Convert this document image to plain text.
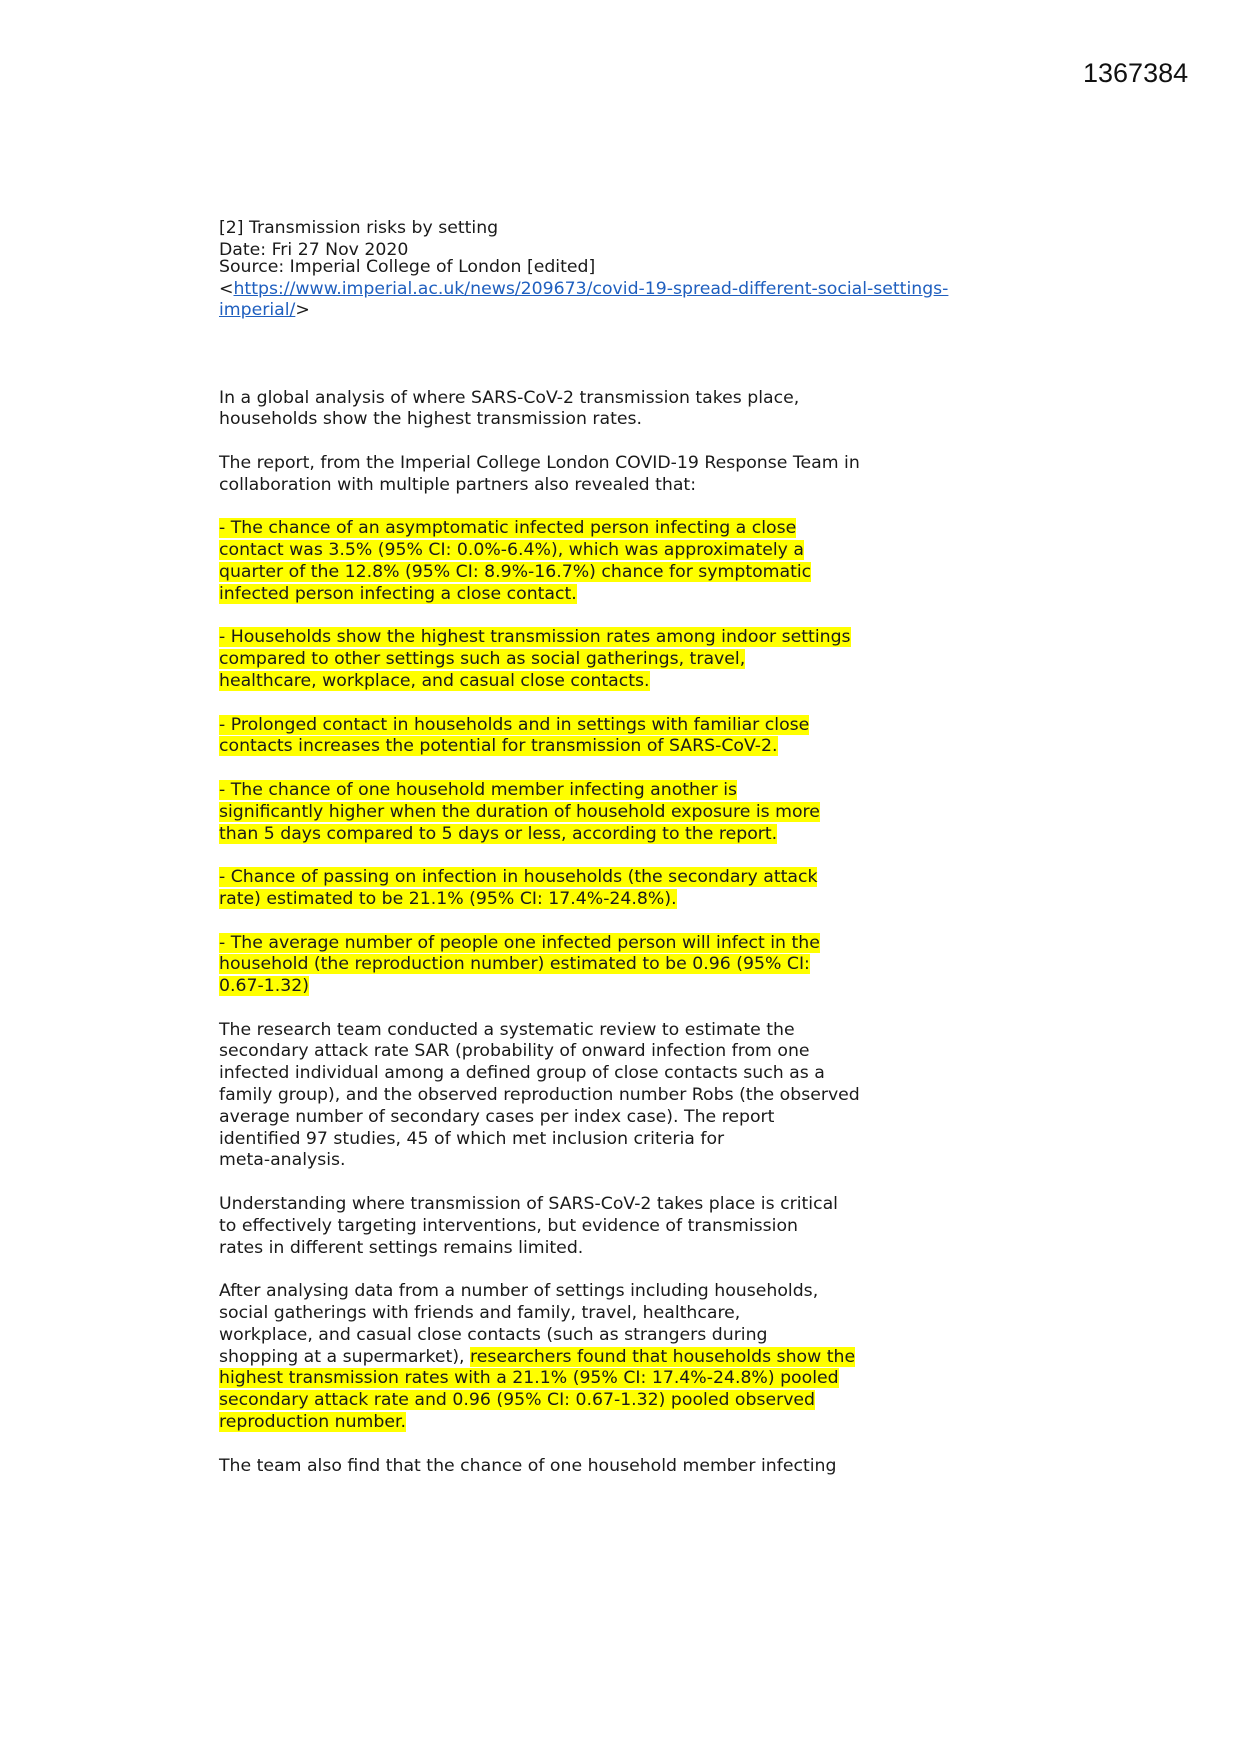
1367384
[2] Transmission risks by setting
Date: Fri 27 Nov 2020
Source: Imperial College of London [edited]
<https://www.imperial.ac.uk/news/209673/covid-19-spread-different-social-settings-
imperial/>
In a global analysis of where SARS-CoV-2 transmission takes place,
households show the highest transmission rates.
The report, from the Imperial College London COVID-19 Response Team in
collaboration with multiple partners also revealed that:
- The chance of an asymptomatic infected person infecting a close
contact was 3.5% (95% CI: 0.0%-6.4%), which was approximately a
quarter of the 12.8% (95% CI: 8.9%-16.7%) chance for symptomatic
infected person infecting a close contact.
- Households show the highest transmission rates among indoor settings
compared to other settings such as social gatherings, travel,
healthcare, workplace, and casual close contacts.
- Prolonged contact in households and in settings with familiar close
contacts increases the potential for transmission of SARS-CoV-2.
- The chance of one household member infecting another is
significantly higher when the duration of household exposure is more
than 5 days compared to 5 days or less, according to the report.
- Chance of passing on infection in households (the secondary attack
rate) estimated to be 21.1% (95% CI: 17.4%-24.8%).
- The average number of people one infected person will infect in the
household (the reproduction number) estimated to be 0.96 (95% CI:
0.67-1.32)
The research team conducted a systematic review to estimate the
secondary attack rate SAR (probability of onward infection from one
infected individual among a defined group of close contacts such as a
family group), and the observed reproduction number Robs (the observed
average number of secondary cases per index case). The report
identified 97 studies, 45 of which met inclusion criteria for
meta-analysis.
Understanding where transmission of SARS-CoV-2 takes place is critical
to effectively targeting interventions, but evidence of transmission
rates in different settings remains limited.
After analysing data from a number of settings including households,
social gatherings with friends and family, travel, healthcare,
workplace, and casual close contacts (such as strangers during
shopping at a supermarket), researchers found that households show the
highest transmission rates with a 21.1% (95% CI: 17.4%-24.8%) pooled
secondary attack rate and 0.96 (95% CI: 0.67-1.32) pooled observed
reproduction number.
The team also find that the chance of one household member infecting
